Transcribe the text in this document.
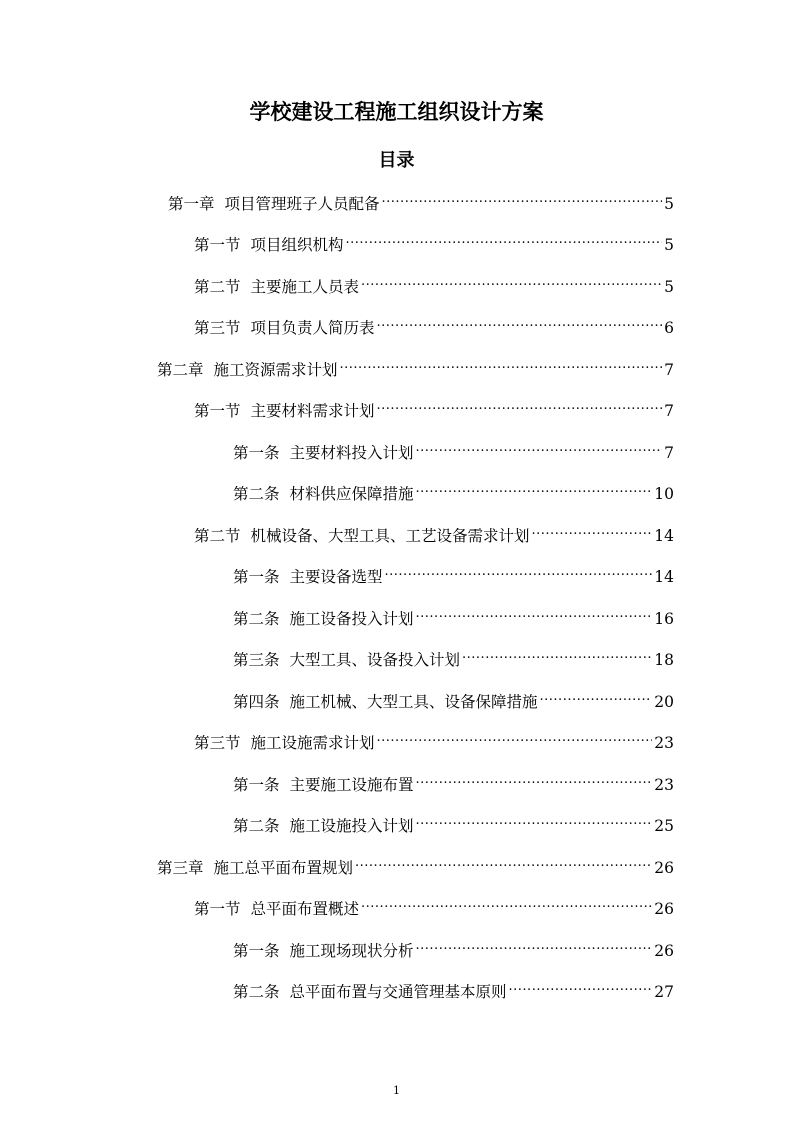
学校建设工程施工组织设计方案
目录
第一章 项目管理班子人员配备 .....	5
第一节 项目组织机构 .....	5
第二节 主要施工人员表 .....	5
第三节 项目负责人简历表 .....	6
第二章 施工资源需求计划 .....	7
第一节 主要材料需求计划 .....	7
第一条 主要材料投入计划 .....	7
第二条 材料供应保障措施 .....	10
第二节 机械设备、大型工具、工艺设备需求计划 .....	14
第一条 主要设备选型 .....	14
第二条 施工设备投入计划 .....	16
第三条 大型工具、设备投入计划 .....	18
第四条 施工机械、大型工具、设备保障措施 .....	20
第三节 施工设施需求计划 .....	23
第一条 主要施工设施布置 .....	23
第二条 施工设施投入计划 .....	25
第三章 施工总平面布置规划 .....	26
第一节 总平面布置概述 .....	26
第一条 施工现场现状分析 .....	26
第二条 总平面布置与交通管理基本原则 .....	27
1
